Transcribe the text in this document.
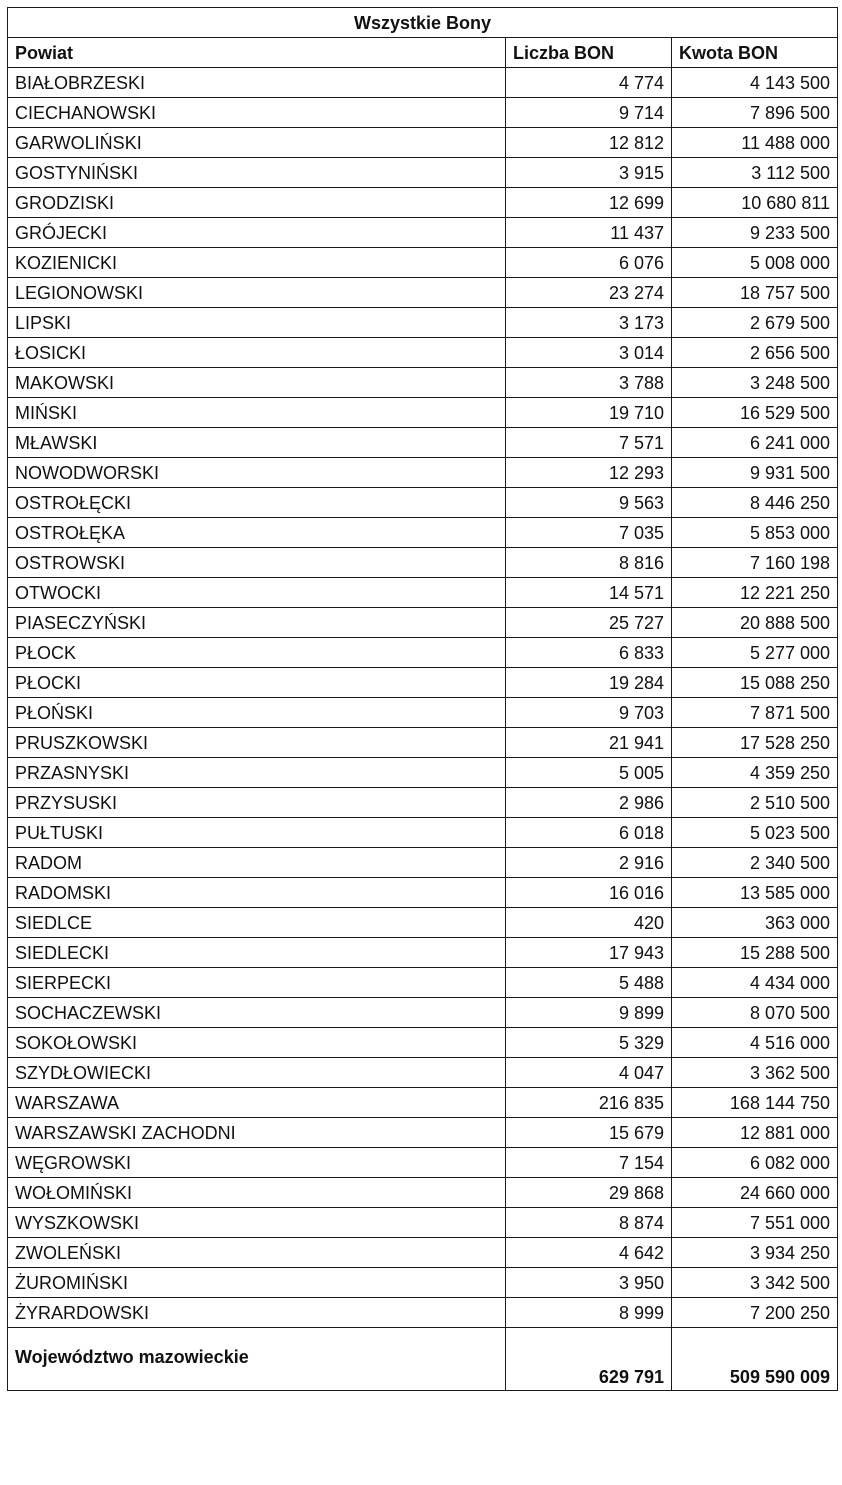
Wszystkie Bony		
Powiat	Liczba BON	Kwota BON
BIAŁOBRZESKI	4 774	4 143 500
CIECHANOWSKI	9 714	7 896 500
GARWOLIŃSKI	12 812	11 488 000
GOSTYNIŃSKI	3 915	3 112 500
GRODZISKI	12 699	10 680 811
GRÓJECKI	11 437	9 233 500
KOZIENICKI	6 076	5 008 000
LEGIONOWSKI	23 274	18 757 500
LIPSKI	3 173	2 679 500
ŁOSICKI	3 014	2 656 500
MAKOWSKI	3 788	3 248 500
MIŃSKI	19 710	16 529 500
MŁAWSKI	7 571	6 241 000
NOWODWORSKI	12 293	9 931 500
OSTROŁĘCKI	9 563	8 446 250
OSTROŁĘKA	7 035	5 853 000
OSTROWSKI	8 816	7 160 198
OTWOCKI	14 571	12 221 250
PIASECZYŃSKI	25 727	20 888 500
PŁOCK	6 833	5 277 000
PŁOCKI	19 284	15 088 250
PŁOŃSKI	9 703	7 871 500
PRUSZKOWSKI	21 941	17 528 250
PRZASNYSKI	5 005	4 359 250
PRZYSUSKI	2 986	2 510 500
PUŁTUSKI	6 018	5 023 500
RADOM	2 916	2 340 500
RADOMSKI	16 016	13 585 000
SIEDLCE	420	363 000
SIEDLECKI	17 943	15 288 500
SIERPECKI	5 488	4 434 000
SOCHACZEWSKI	9 899	8 070 500
SOKOŁOWSKI	5 329	4 516 000
SZYDŁOWIECKI	4 047	3 362 500
WARSZAWA	216 835	168 144 750
WARSZAWSKI ZACHODNI	15 679	12 881 000
WĘGROWSKI	7 154	6 082 000
WOŁOMIŃSKI	29 868	24 660 000
WYSZKOWSKI	8 874	7 551 000
ZWOLEŃSKI	4 642	3 934 250
ŻUROMIŃSKI	3 950	3 342 500
ŻYRARDOWSKI	8 999	7 200 250
Województwo mazowieckie	629 791	509 590 009
